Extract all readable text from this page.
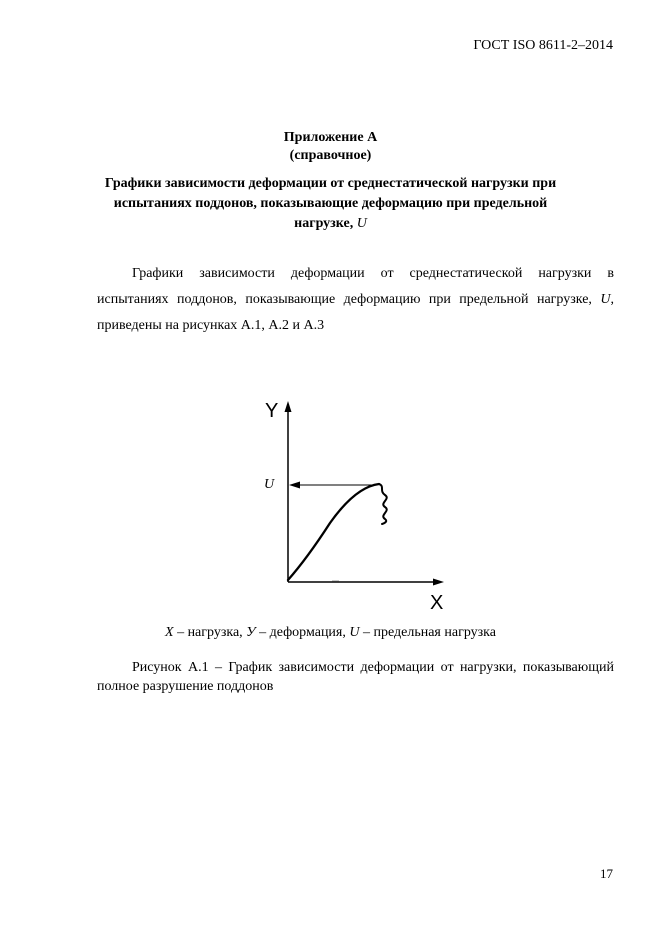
ГОСТ ISO 8611-2–2014
Приложение А
(справочное)
Графики зависимости деформации от среднестатической нагрузки при испытаниях поддонов, показывающие деформацию при предельной нагрузке, U
Графики зависимости деформации от среднестатической нагрузки в испытаниях поддонов, показывающие деформацию при предельной нагрузке, U, приведены на рисунках А.1, А.2 и А.3
Y
X
U
X – нагрузка, У – деформация, U – предельная нагрузка
Рисунок А.1 – График зависимости деформации от нагрузки, показывающий полное разрушение поддонов
17
